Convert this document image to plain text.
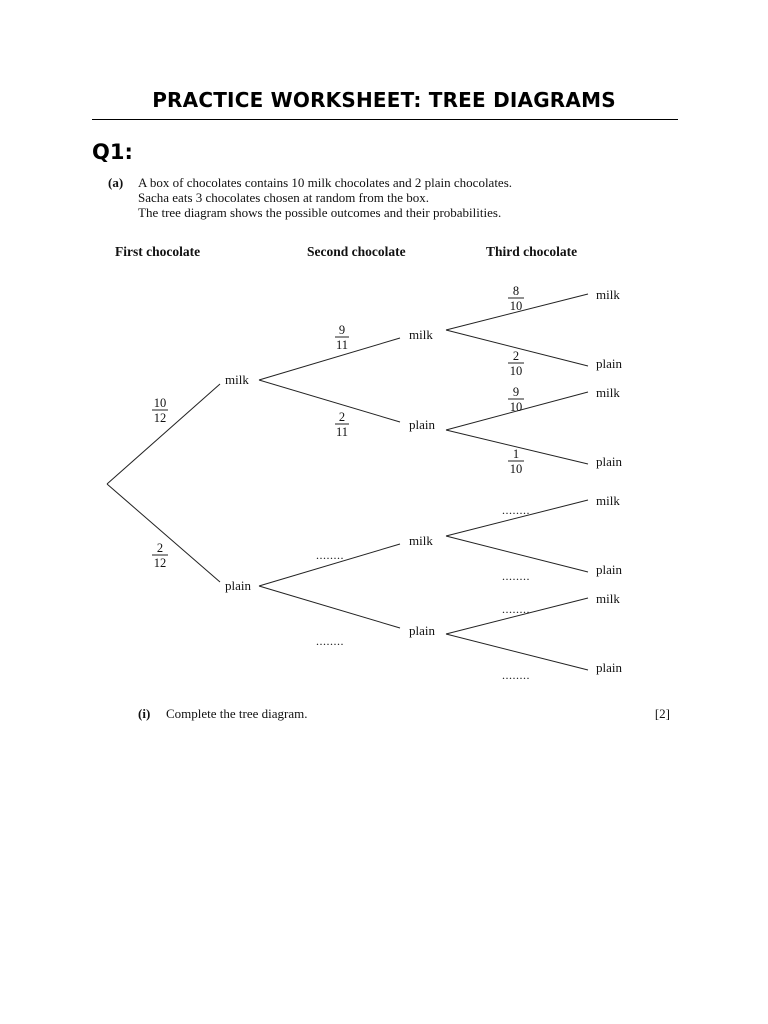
PRACTICE WORKSHEET: TREE DIAGRAMS
Q1:
(a) A box of chocolates contains 10 milk chocolates and 2 plain chocolates.
Sacha eats 3 chocolates chosen at random from the box.
The tree diagram shows the possible outcomes and their probabilities.
First chocolate	Second chocolate	Third chocolate
milk
plain
10
12
2
12
milk
plain
milk
plain
9
11
2
11
........
........
milk
plain
milk
plain
milk
plain
milk
plain
8
10
2
10
9
10
1
10
........
........
........
........
(i) Complete the tree diagram.	[2]
